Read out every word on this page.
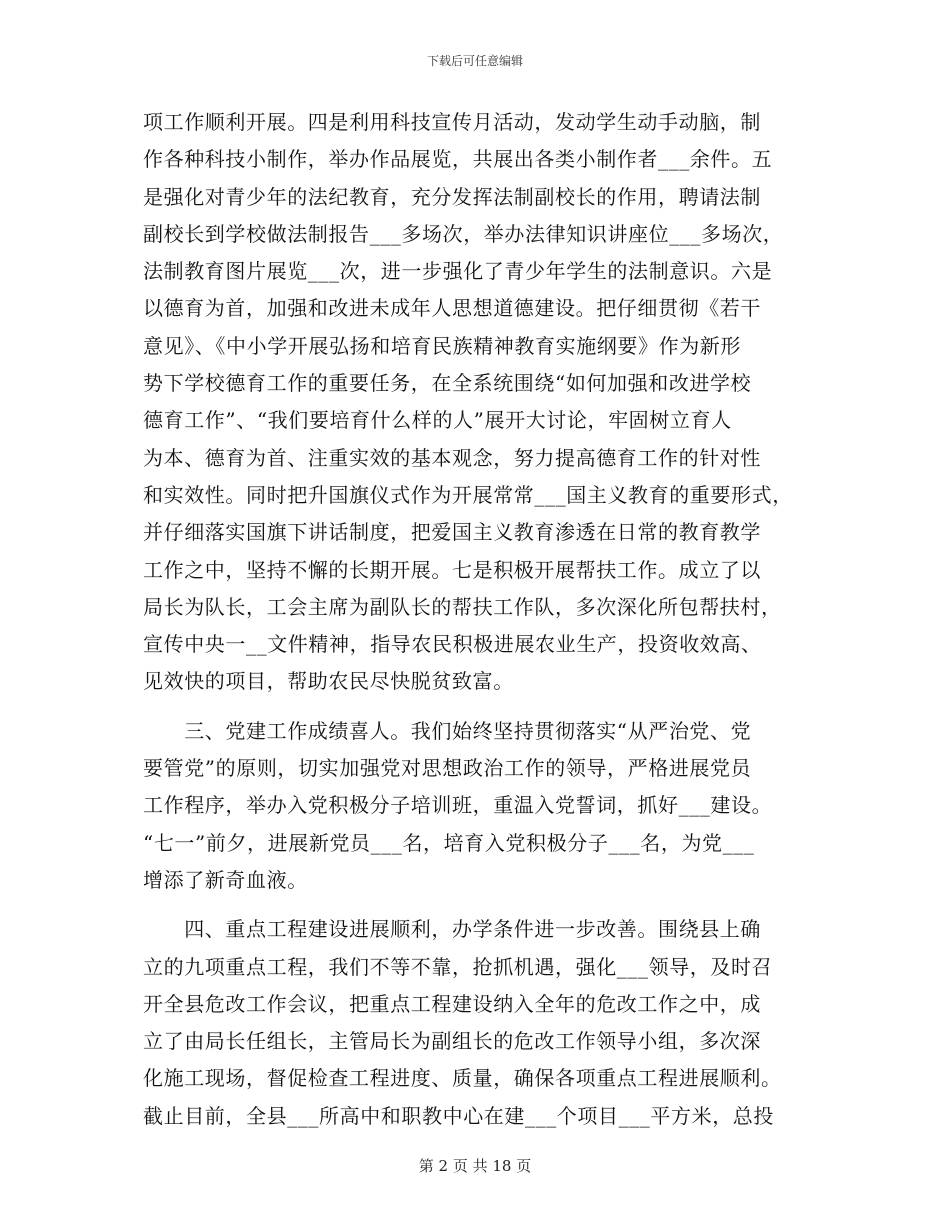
下载后可任意编辑
项工作顺利开展。四是利用科技宣传月活动，发动学生动手动脑，制
作各种科技小制作，举办作品展览，共展出各类小制作者___余件。五
是强化对青少年的法纪教育，充分发挥法制副校长的作用，聘请法制
副校长到学校做法制报告___多场次，举办法律知识讲座位___多场次，
法制教育图片展览___次，进一步强化了青少年学生的法制意识。六是
以德育为首，加强和改进未成年人思想道德建设。把仔细贯彻《若干
意见》、《中小学开展弘扬和培育民族精神教育实施纲要》作为新形
势下学校德育工作的重要任务，在全系统围绕“如何加强和改进学校
德育工作”、“我们要培育什么样的人”展开大讨论，牢固树立育人
为本、德育为首、注重实效的基本观念，努力提高德育工作的针对性
和实效性。同时把升国旗仪式作为开展常常___国主义教育的重要形式，
并仔细落实国旗下讲话制度，把爱国主义教育渗透在日常的教育教学
工作之中，坚持不懈的长期开展。七是积极开展帮扶工作。成立了以
局长为队长，工会主席为副队长的帮扶工作队，多次深化所包帮扶村，
宣传中央一__文件精神，指导农民积极进展农业生产，投资收效高、
见效快的项目，帮助农民尽快脱贫致富。
　　三、党建工作成绩喜人。我们始终坚持贯彻落实“从严治党、党
要管党”的原则，切实加强党对思想政治工作的领导，严格进展党员
工作程序，举办入党积极分子培训班，重温入党誓词，抓好___建设。
“七一”前夕，进展新党员___名，培育入党积极分子___名，为党___
增添了新奇血液。
　　四、重点工程建设进展顺利，办学条件进一步改善。围绕县上确
立的九项重点工程，我们不等不靠，抢抓机遇，强化___领导，及时召
开全县危改工作会议，把重点工程建设纳入全年的危改工作之中，成
立了由局长任组长，主管局长为副组长的危改工作领导小组，多次深
化施工现场，督促检查工程进度、质量，确保各项重点工程进展顺利。
截止目前，全县___所高中和职教中心在建___个项目___平方米，总投
第 2 页 共 18 页
